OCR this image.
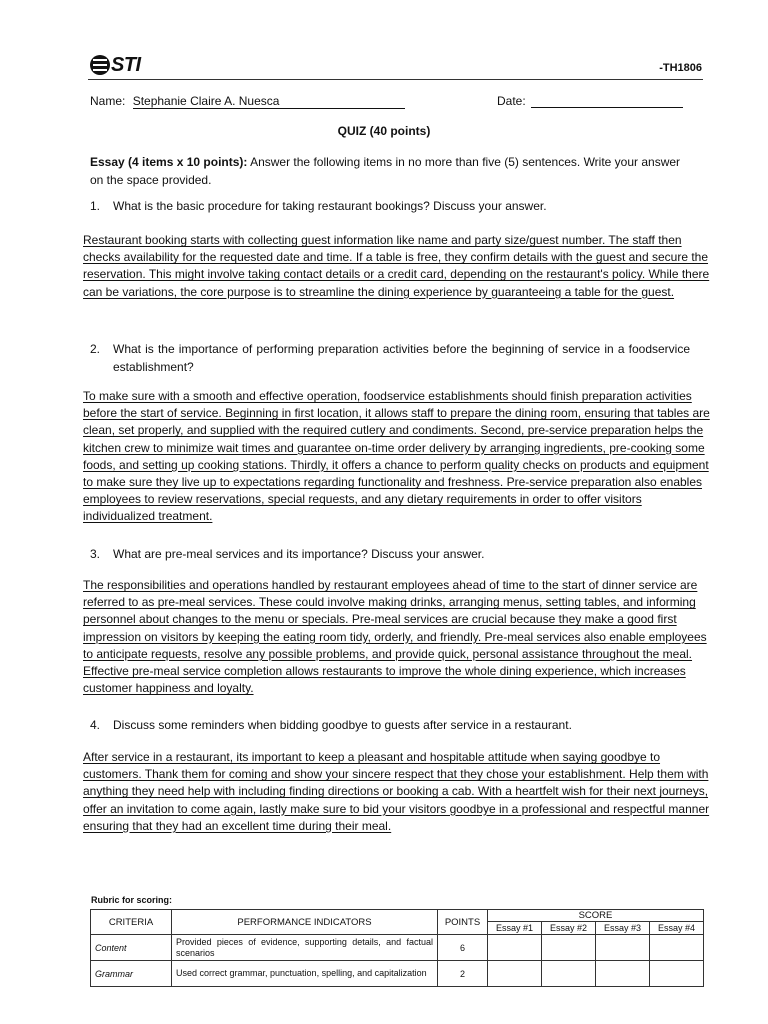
STI	-TH1806
Name: Stephanie Claire A. Nuesca	Date:
QUIZ (40 points)
Essay (4 items x 10 points): Answer the following items in no more than five (5) sentences. Write your answer on the space provided.
1.	What is the basic procedure for taking restaurant bookings? Discuss your answer.
Restaurant booking starts with collecting guest information like name and party size/guest number. The staff then checks availability for the requested date and time. If a table is free, they confirm details with the guest and secure the reservation. This might involve taking contact details or a credit card, depending on the restaurant's policy. While there can be variations, the core purpose is to streamline the dining experience by guaranteeing a table for the guest.
2.	What is the importance of performing preparation activities before the beginning of service in a foodservice establishment?
To make sure with a smooth and effective operation, foodservice establishments should finish preparation activities before the start of service. Beginning in first location, it allows staff to prepare the dining room, ensuring that tables are clean, set properly, and supplied with the required cutlery and condiments. Second, pre-service preparation helps the kitchen crew to minimize wait times and guarantee on-time order delivery by arranging ingredients, pre-cooking some foods, and setting up cooking stations. Thirdly, it offers a chance to perform quality checks on products and equipment to make sure they live up to expectations regarding functionality and freshness. Pre-service preparation also enables employees to review reservations, special requests, and any dietary requirements in order to offer visitors individualized treatment.
3.	What are pre-meal services and its importance? Discuss your answer.
The responsibilities and operations handled by restaurant employees ahead of time to the start of dinner service are referred to as pre-meal services. These could involve making drinks, arranging menus, setting tables, and informing personnel about changes to the menu or specials. Pre-meal services are crucial because they make a good first impression on visitors by keeping the eating room tidy, orderly, and friendly. Pre-meal services also enable employees to anticipate requests, resolve any possible problems, and provide quick, personal assistance throughout the meal. Effective pre-meal service completion allows restaurants to improve the whole dining experience, which increases customer happiness and loyalty.
4.	Discuss some reminders when bidding goodbye to guests after service in a restaurant.
After service in a restaurant, its important to keep a pleasant and hospitable attitude when saying goodbye to customers. Thank them for coming and show your sincere respect that they chose your establishment. Help them with anything they need help with including finding directions or booking a cab. With a heartfelt wish for their next journeys, offer an invitation to come again, lastly make sure to bid your visitors goodbye in a professional and respectful manner ensuring that they had an excellent time during their meal.
Rubric for scoring:
CRITERIA	PERFORMANCE INDICATORS	POINTS	SCORE			
			Essay #1	Essay #2	Essay #3	Essay #4
Content	Provided pieces of evidence, supporting details, and factual scenarios	6				
Grammar	Used correct grammar, punctuation, spelling, and capitalization	2				
